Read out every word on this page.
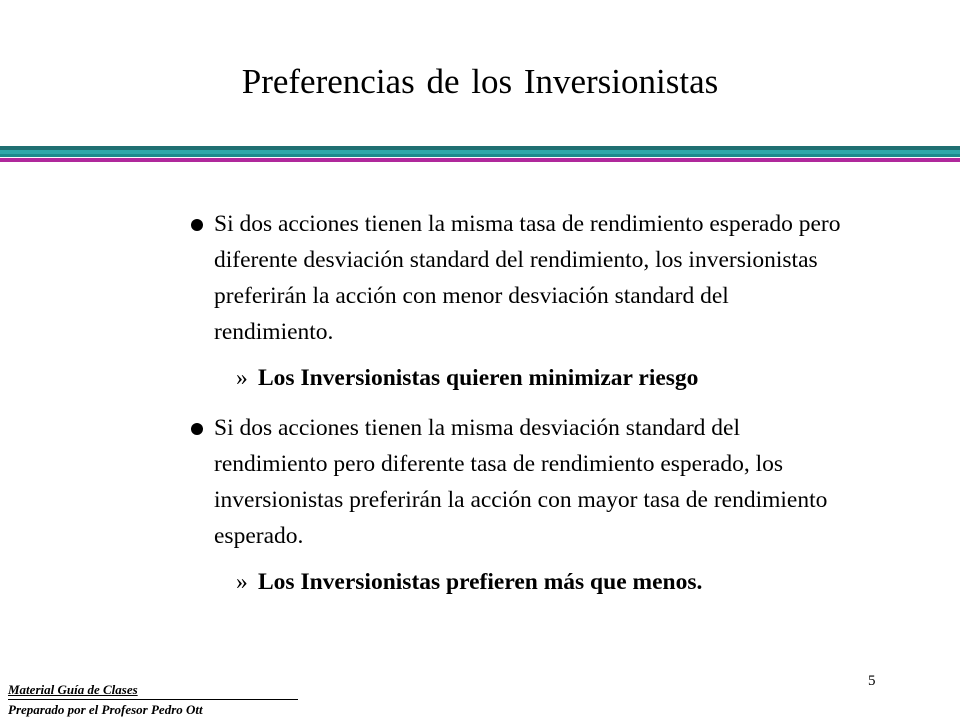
Preferencias de los Inversionistas
Si dos acciones tienen la misma tasa de rendimiento esperado pero diferente desviación standard del rendimiento, los inversionistas preferirán la acción con menor desviación standard del rendimiento.
» Los Inversionistas quieren minimizar riesgo
Si dos acciones tienen la misma desviación standard del rendimiento pero diferente tasa de rendimiento esperado, los inversionistas preferirán la acción con mayor tasa de rendimiento esperado.
» Los Inversionistas prefieren más que menos.
5
Material Guía de Clases
Preparado por el Profesor Pedro Ott
